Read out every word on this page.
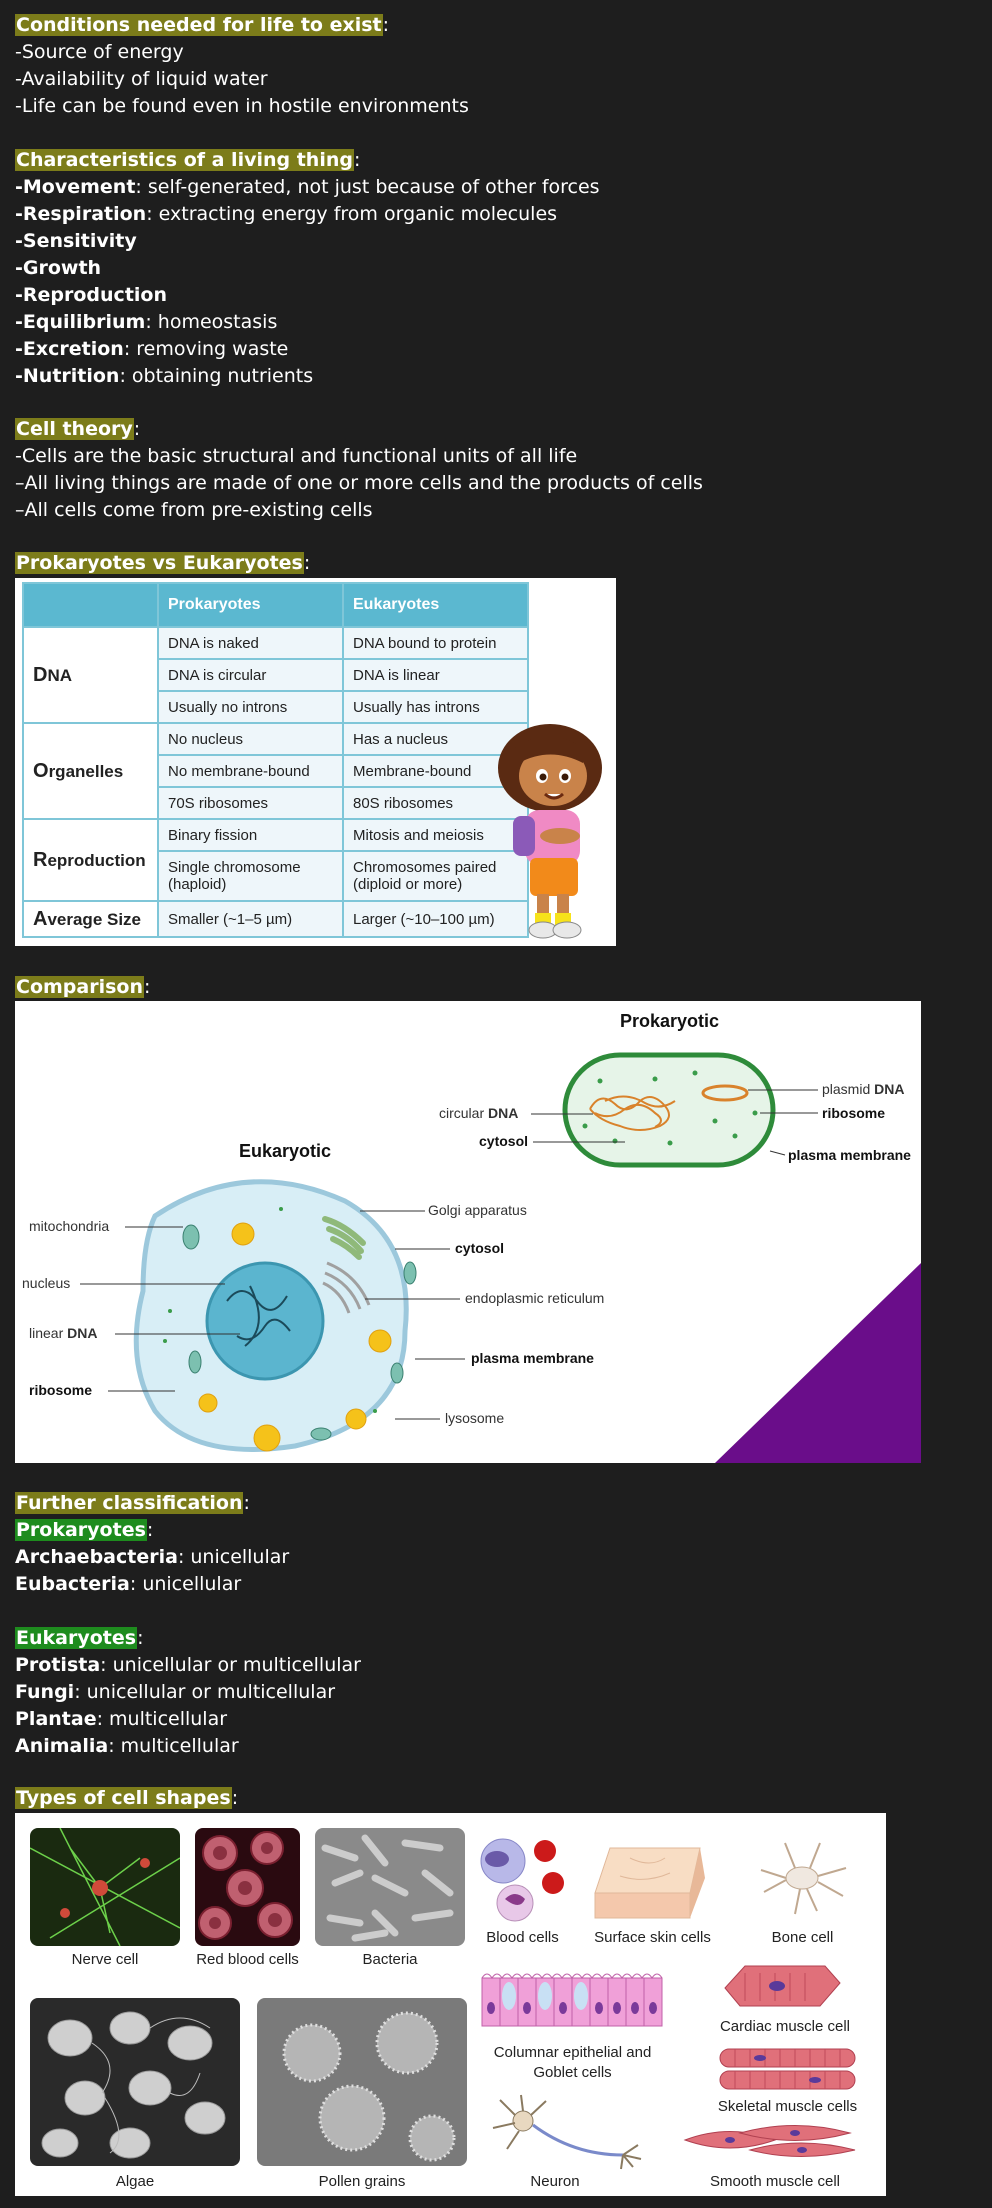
Conditions needed for life to exist:
-Source of energy
-Availability of liquid water
-Life can be found even in hostile environments
Characteristics of a living thing:
-Movement: self-generated, not just because of other forces
-Respiration: extracting energy from organic molecules
-Sensitivity
-Growth
-Reproduction
-Equilibrium: homeostasis
-Excretion: removing waste
-Nutrition: obtaining nutrients
Cell theory:
-Cells are the basic structural and functional units of all life
–All living things are made of one or more cells and the products of cells
–All cells come from pre-existing cells
Prokaryotes vs Eukaryotes:
	Prokaryotes	Eukaryotes
DNA	DNA is naked	DNA bound to protein
	DNA is circular	DNA is linear
	Usually no introns	Usually has introns
Organelles	No nucleus	Has a nucleus
	No membrane-bound	Membrane-bound
	70S ribosomes	80S ribosomes
Reproduction	Binary fission	Mitosis and meiosis
	Single chromosome (haploid)	Chromosomes paired (diploid or more)
Average Size	Smaller (~1–5 µm)	Larger (~10–100 µm)
Comparison:
Prokaryotic
circular DNA
cytosol
plasmid DNA
ribosome
plasma membrane
Eukaryotic
mitochondria
nucleus
linear DNA
ribosome
Golgi apparatus
cytosol
endoplasmic reticulum
plasma membrane
lysosome
Further classification:
Prokaryotes:
Archaebacteria: unicellular
Eubacteria: unicellular
Eukaryotes:
Protista: unicellular or multicellular
Fungi: unicellular or multicellular
Plantae: multicellular
Animalia: multicellular
Types of cell shapes:
Nerve cell	Red blood cells	Bacteria
Blood cells	Surface skin cells	Bone cell
Cardiac muscle cell
Columnar epithelial and Goblet cells
Skeletal muscle cells
Algae	Pollen grains	Neuron	Smooth muscle cell
